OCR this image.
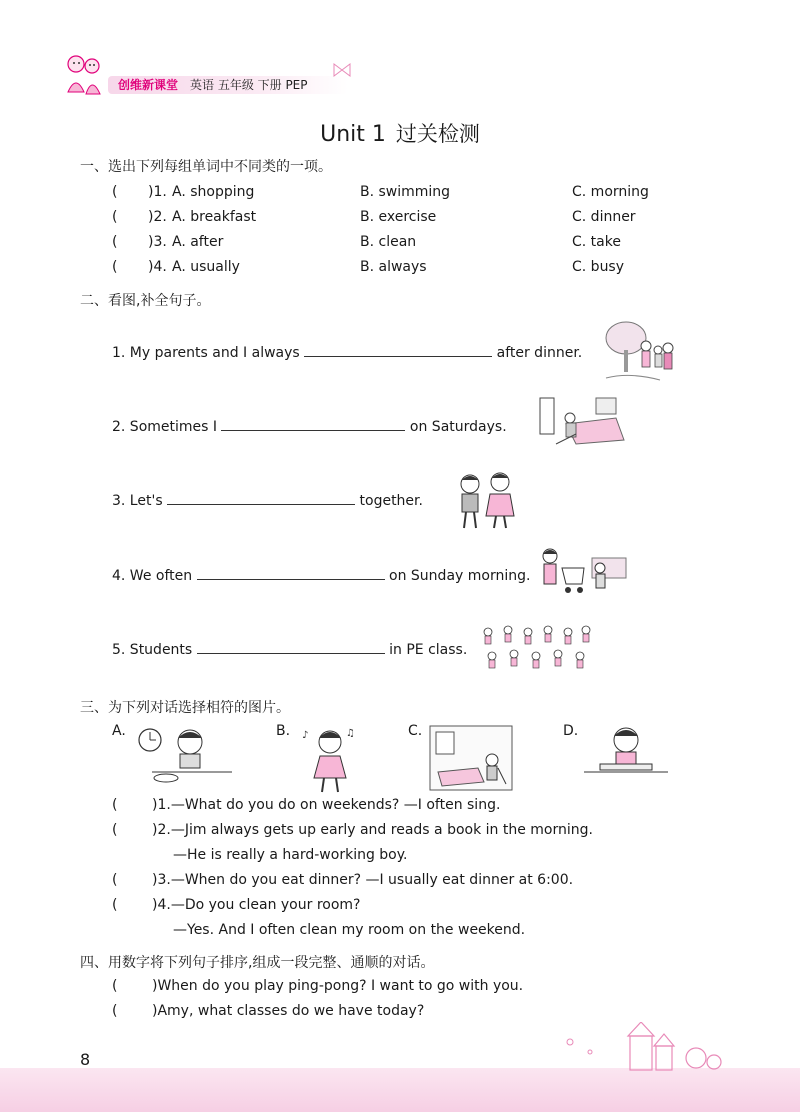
创维新课堂 英语 五年级 下册 PEP
Unit 1 过关检测
一、选出下列每组单词中不同类的一项。
( )1. A. shopping	B. swimming	C. morning
( )2. A. breakfast	B. exercise	C. dinner
( )3. A. after	B. clean	C. take
( )4. A. usually	B. always	C. busy
二、看图,补全句子。
1. My parents and I always	after dinner.
2. Sometimes I	on Saturdays.
3. Let's	together.
4. We often	on Sunday morning.
5. Students	in PE class.
三、为下列对话选择相符的图片。
A.	B.	C.	D.
♪	♫
( )1.—What do you do on weekends? —I often sing.
( )2.—Jim always gets up early and reads a book in the morning.
—He is really a hard-working boy.
( )3.—When do you eat dinner? —I usually eat dinner at 6:00.
( )4.—Do you clean your room?
—Yes. And I often clean my room on the weekend.
四、用数字将下列句子排序,组成一段完整、通顺的对话。
( )When do you play ping-pong? I want to go with you.
( )Amy, what classes do we have today?
8
